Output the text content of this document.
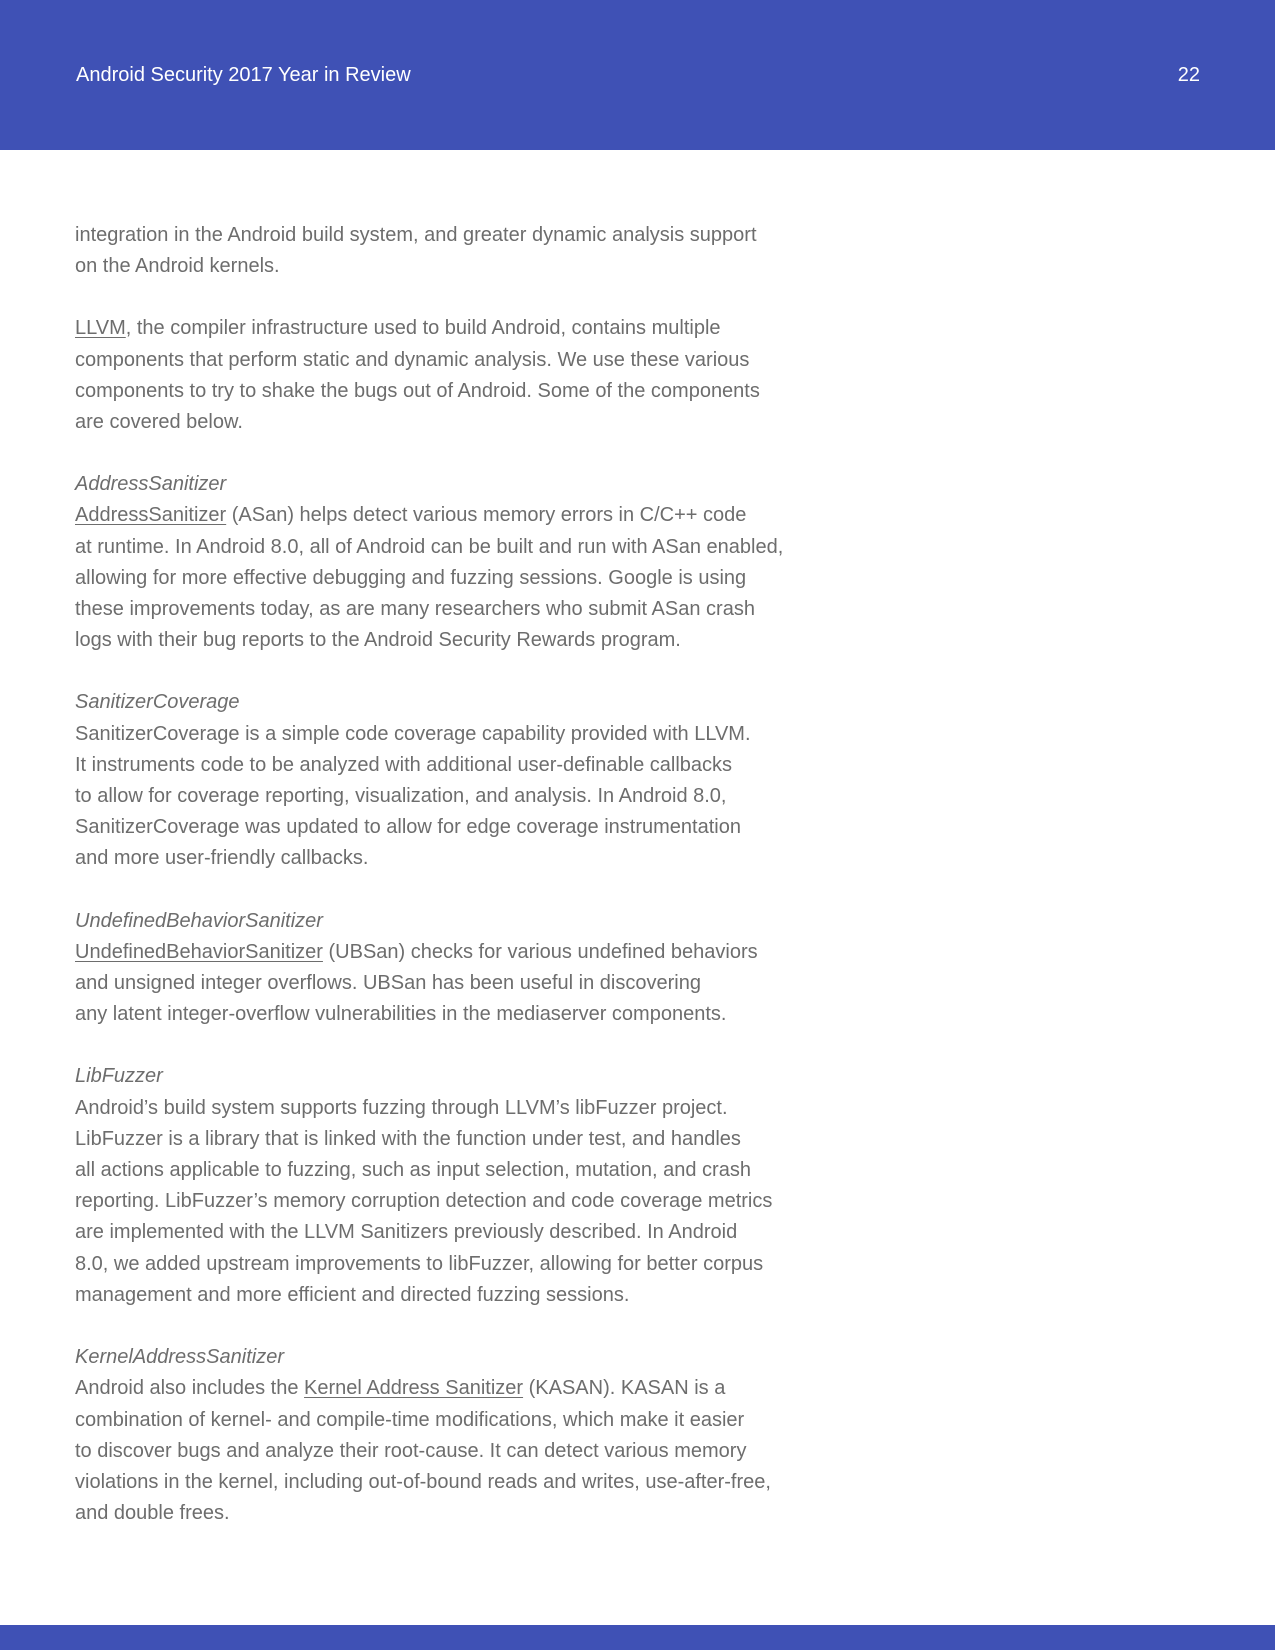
Android Security 2017 Year in Review	22
integration in the Android build system, and greater dynamic analysis support
on the Android kernels.
LLVM, the compiler infrastructure used to build Android, contains multiple
components that perform static and dynamic analysis. We use these various
components to try to shake the bugs out of Android. Some of the components
are covered below.
AddressSanitizer
AddressSanitizer (ASan) helps detect various memory errors in C/C++ code
at runtime. In Android 8.0, all of Android can be built and run with ASan enabled,
allowing for more effective debugging and fuzzing sessions. Google is using
these improvements today, as are many researchers who submit ASan crash
logs with their bug reports to the Android Security Rewards program.
SanitizerCoverage
SanitizerCoverage is a simple code coverage capability provided with LLVM.
It instruments code to be analyzed with additional user-definable callbacks
to allow for coverage reporting, visualization, and analysis. In Android 8.0,
SanitizerCoverage was updated to allow for edge coverage instrumentation
and more user-friendly callbacks.
UndefinedBehaviorSanitizer
UndefinedBehaviorSanitizer (UBSan) checks for various undefined behaviors
and unsigned integer overflows. UBSan has been useful in discovering
any latent integer-overflow vulnerabilities in the mediaserver components.
LibFuzzer
Android’s build system supports fuzzing through LLVM’s libFuzzer project.
LibFuzzer is a library that is linked with the function under test, and handles
all actions applicable to fuzzing, such as input selection, mutation, and crash
reporting. LibFuzzer’s memory corruption detection and code coverage metrics
are implemented with the LLVM Sanitizers previously described. In Android
8.0, we added upstream improvements to libFuzzer, allowing for better corpus
management and more efficient and directed fuzzing sessions.
KernelAddressSanitizer
Android also includes the Kernel Address Sanitizer (KASAN). KASAN is a
combination of kernel- and compile-time modifications, which make it easier
to discover bugs and analyze their root-cause. It can detect various memory
violations in the kernel, including out-of-bound reads and writes, use-after-free,
and double frees.
